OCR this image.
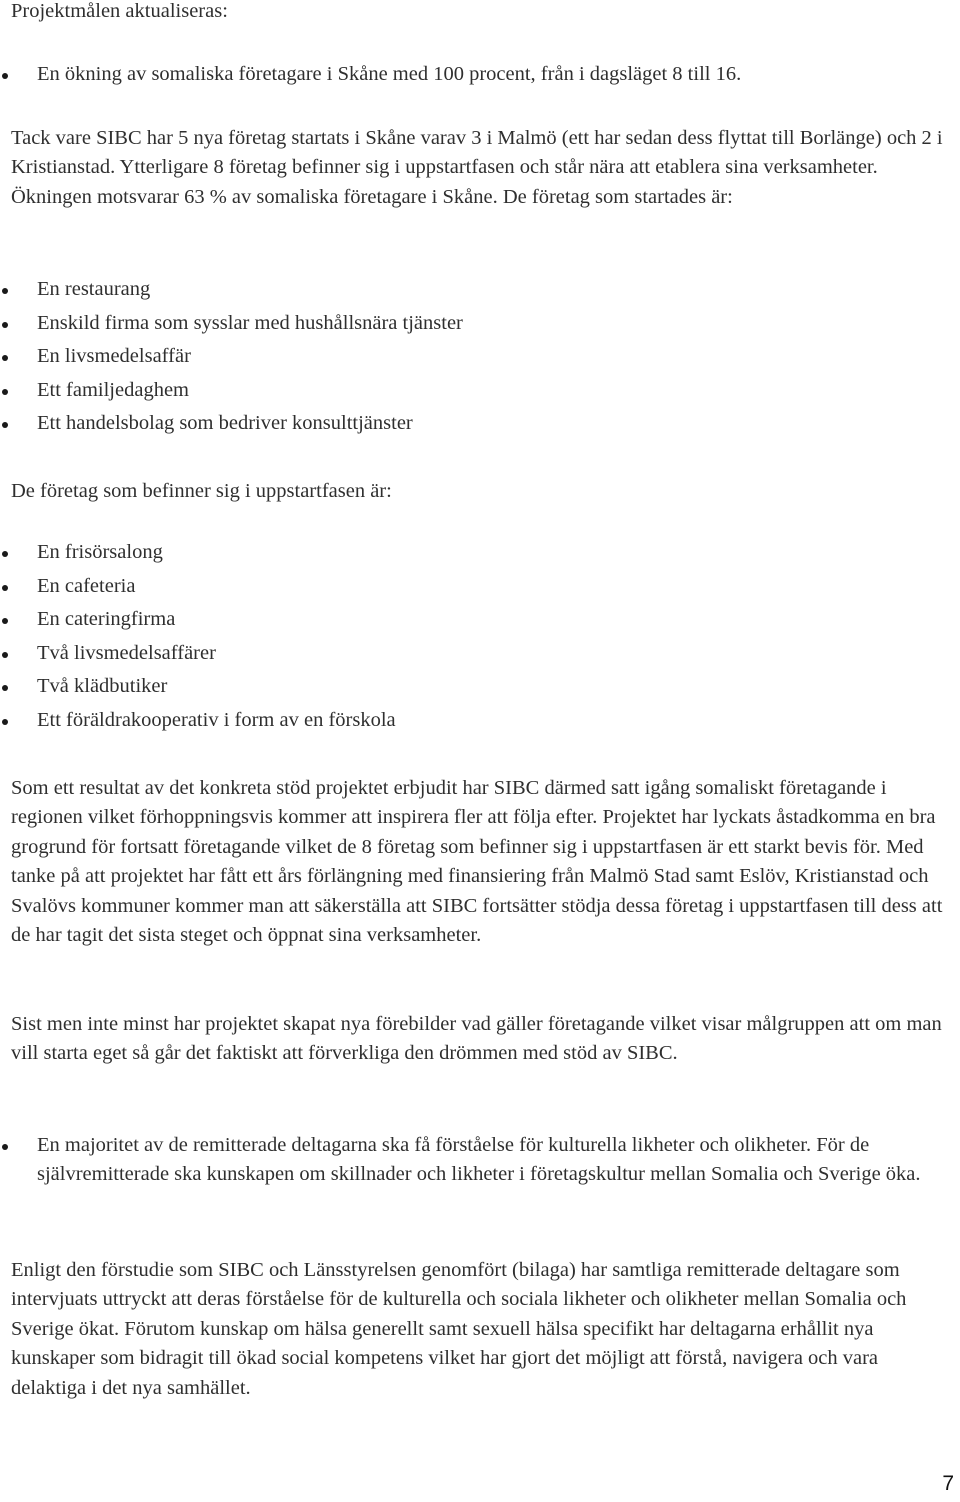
Projektmålen aktualiseras:

En ökning av somaliska företagare i Skåne med 100 procent, från i dagsläget 8 till 16.

Tack vare SIBC har 5 nya företag startats i Skåne varav 3 i Malmö (ett har sedan dess flyttat till Borlänge) och 2 i Kristianstad. Ytterligare 8 företag befinner sig i uppstartfasen och står nära att etablera sina verksamheter. Ökningen motsvarar 63 % av somaliska företagare i Skåne. De företag som startades är:

En restaurang
Enskild firma som sysslar med hushållsnära tjänster
En livsmedelsaffär
Ett familjedaghem
Ett handelsbolag som bedriver konsulttjänster

De företag som befinner sig i uppstartfasen är:

En frisörsalong
En cafeteria
En cateringfirma
Två livsmedelsaffärer
Två klädbutiker
Ett föräldrakooperativ i form av en förskola

Som ett resultat av det konkreta stöd projektet erbjudit har SIBC därmed satt igång somaliskt företagande i regionen vilket förhoppningsvis kommer att inspirera fler att följa efter. Projektet har lyckats åstadkomma en bra grogrund för fortsatt företagande vilket de 8 företag som befinner sig i uppstartfasen är ett starkt bevis för. Med tanke på att projektet har fått ett års förlängning med finansiering från Malmö Stad samt Eslöv, Kristianstad och Svalövs kommuner kommer man att säkerställa att SIBC fortsätter stödja dessa företag i uppstartfasen till dess att de har tagit det sista steget och öppnat sina verksamheter.

Sist men inte minst har projektet skapat nya förebilder vad gäller företagande vilket visar målgruppen att om man vill starta eget så går det faktiskt att förverkliga den drömmen med stöd av SIBC.

En majoritet av de remitterade deltagarna ska få förståelse för kulturella likheter och olikheter. För de självremitterade ska kunskapen om skillnader och likheter i företagskultur mellan Somalia och Sverige öka.

Enligt den förstudie som SIBC och Länsstyrelsen genomfört (bilaga) har samtliga remitterade deltagare som intervjuats uttryckt att deras förståelse för de kulturella och sociala likheter och olikheter mellan Somalia och Sverige ökat. Förutom kunskap om hälsa generellt samt sexuell hälsa specifikt har deltagarna erhållit nya kunskaper som bidragit till ökad social kompetens vilket har gjort det möjligt att förstå, navigera och vara delaktiga i det nya samhället.

7
